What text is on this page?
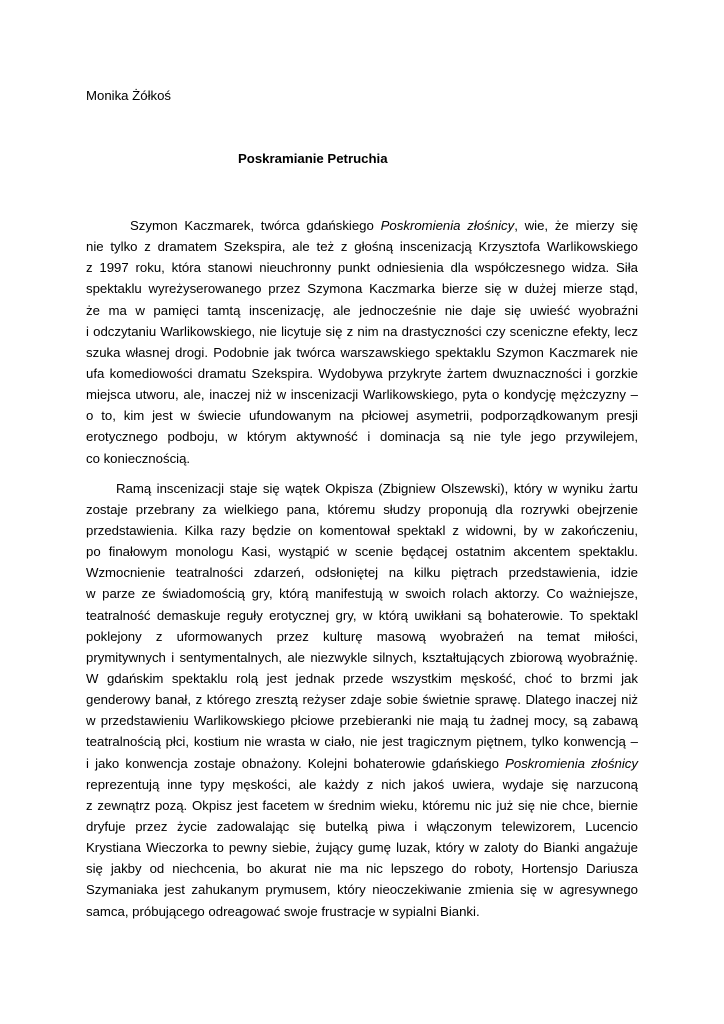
Monika Żółkoś
Poskramianie Petruchia

Szymon Kaczmarek, twórca gdańskiego Poskromienia złośnicy, wie, że mierzy się
nie tylko z dramatem Szekspira, ale też z głośną inscenizacją Krzysztofa Warlikowskiego
z 1997 roku, która stanowi nieuchronny punkt odniesienia dla współczesnego widza. Siła
spektaklu wyreżyserowanego przez Szymona Kaczmarka bierze się w dużej mierze stąd,
że ma w pamięci tamtą inscenizację, ale jednocześnie nie daje się uwieść wyobraźni
i odczytaniu Warlikowskiego, nie licytuje się z nim na drastyczności czy sceniczne efekty, lecz
szuka własnej drogi. Podobnie jak twórca warszawskiego spektaklu Szymon Kaczmarek nie
ufa komediowości dramatu Szekspira. Wydobywa przykryte żartem dwuznaczności i gorzkie
miejsca utworu, ale, inaczej niż w inscenizacji Warlikowskiego, pyta o kondycję mężczyzny –
o to, kim jest w świecie ufundowanym na płciowej asymetrii, podporządkowanym presji
erotycznego podboju, w którym aktywność i dominacja są nie tyle jego przywilejem,
co koniecznością.

Ramą inscenizacji staje się wątek Okpisza (Zbigniew Olszewski), który w wyniku żartu
zostaje przebrany za wielkiego pana, któremu słudzy proponują dla rozrywki obejrzenie
przedstawienia. Kilka razy będzie on komentował spektakl z widowni, by w zakończeniu,
po finałowym monologu Kasi, wystąpić w scenie będącej ostatnim akcentem spektaklu.
Wzmocnienie teatralności zdarzeń, odsłoniętej na kilku piętrach przedstawienia, idzie
w parze ze świadomością gry, którą manifestują w swoich rolach aktorzy. Co ważniejsze,
teatralność demaskuje reguły erotycznej gry, w którą uwikłani są bohaterowie. To spektakl
poklejony z uformowanych przez kulturę masową wyobrażeń na temat miłości,
prymitywnych i sentymentalnych, ale niezwykle silnych, kształtujących zbiorową wyobraźnię.
W gdańskim spektaklu rolą jest jednak przede wszystkim męskość, choć to brzmi jak
genderowy banał, z którego zresztą reżyser zdaje sobie świetnie sprawę. Dlatego inaczej niż
w przedstawieniu Warlikowskiego płciowe przebieranki nie mają tu żadnej mocy, są zabawą
teatralnością płci, kostium nie wrasta w ciało, nie jest tragicznym piętnem, tylko konwencją –
i jako konwencja zostaje obnażony. Kolejni bohaterowie gdańskiego Poskromienia złośnicy
reprezentują inne typy męskości, ale każdy z nich jakoś uwiera, wydaje się narzuconą
z zewnątrz pozą. Okpisz jest facetem w średnim wieku, któremu nic już się nie chce, biernie
dryfuje przez życie zadowalając się butelką piwa i włączonym telewizorem, Lucencio
Krystiana Wieczorka to pewny siebie, żujący gumę luzak, który w zaloty do Bianki angażuje
się jakby od niechcenia, bo akurat nie ma nic lepszego do roboty, Hortensjo Dariusza
Szymaniaka jest zahukanym prymusem, który nieoczekiwanie zmienia się w agresywnego
samca, próbującego odreagować swoje frustracje w sypialni Bianki.
